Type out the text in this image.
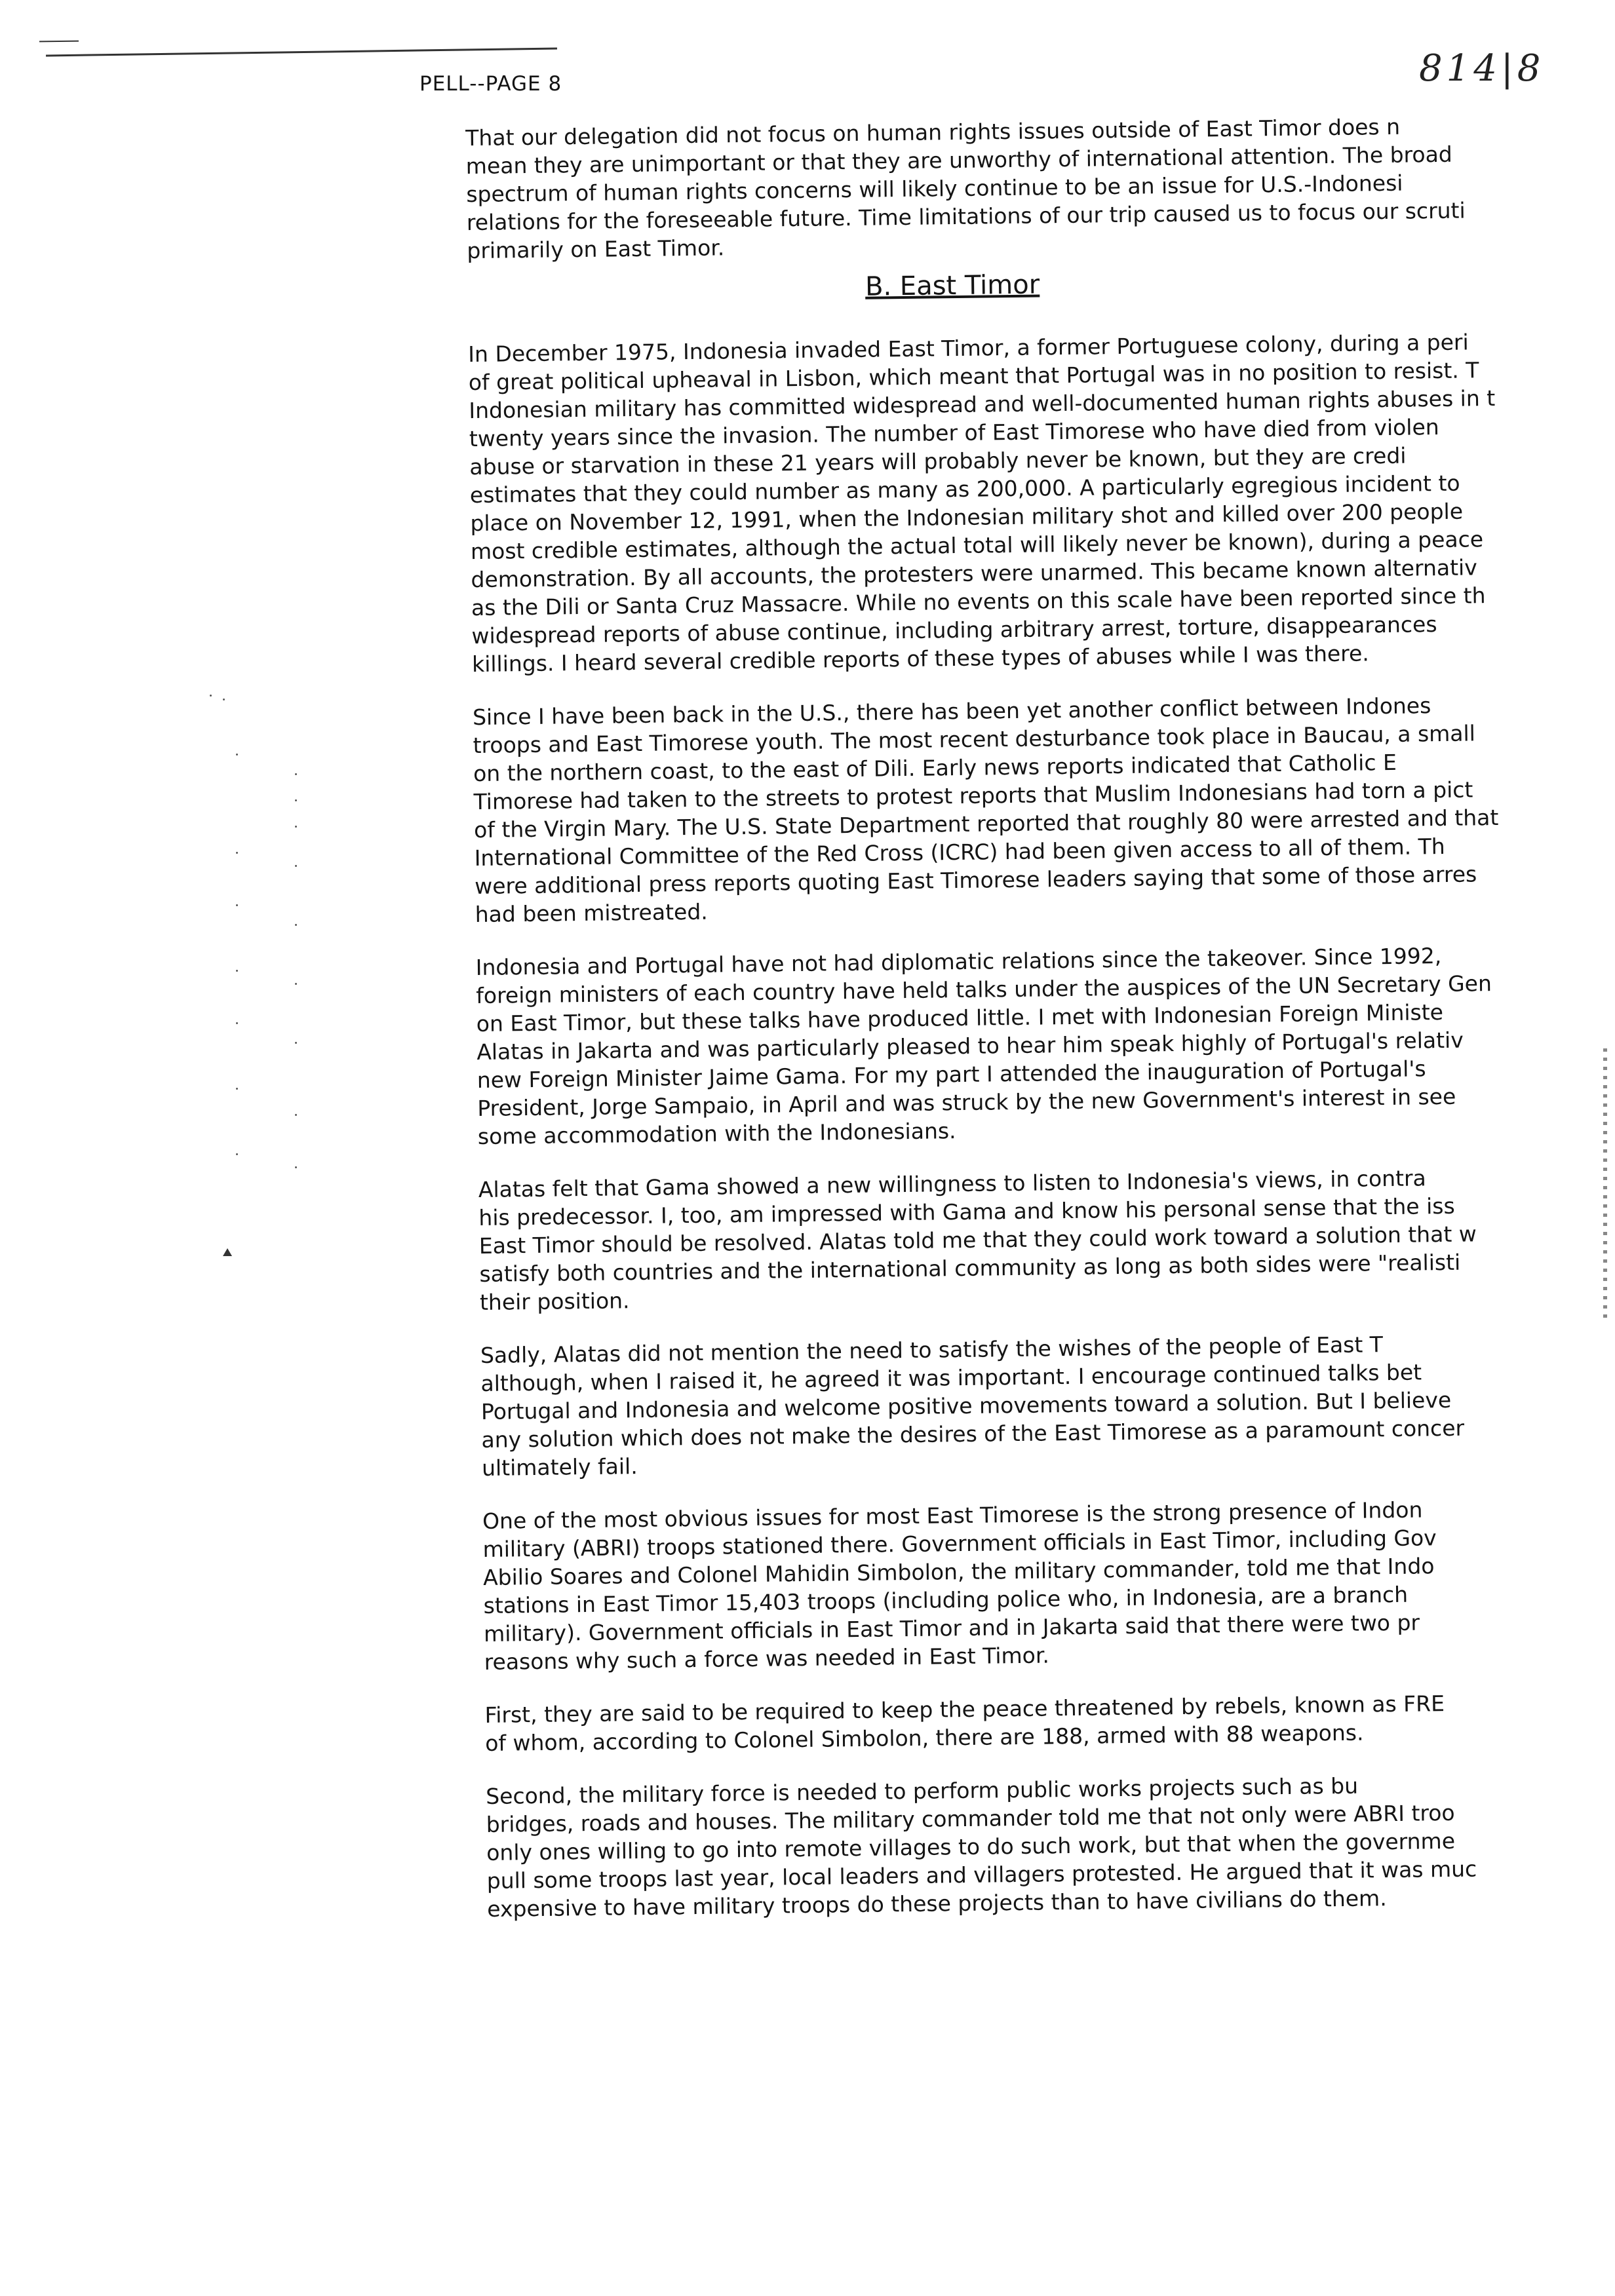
PELL--PAGE 8	814|8

That our delegation did not focus on human rights issues outside of East Timor does n
mean they are unimportant or that they are unworthy of international attention. The broad
spectrum of human rights concerns will likely continue to be an issue for U.S.-Indonesi
relations for the foreseeable future. Time limitations of our trip caused us to focus our scruti
primarily on East Timor.

B. East Timor

In December 1975, Indonesia invaded East Timor, a former Portuguese colony, during a peri
of great political upheaval in Lisbon, which meant that Portugal was in no position to resist. T
Indonesian military has committed widespread and well-documented human rights abuses in t
twenty years since the invasion. The number of East Timorese who have died from violen
abuse or starvation in these 21 years will probably never be known, but they are credi
estimates that they could number as many as 200,000. A particularly egregious incident to
place on November 12, 1991, when the Indonesian military shot and killed over 200 people
most credible estimates, although the actual total will likely never be known), during a peace
demonstration. By all accounts, the protesters were unarmed. This became known alternativ
as the Dili or Santa Cruz Massacre. While no events on this scale have been reported since th
widespread reports of abuse continue, including arbitrary arrest, torture, disappearances
killings. I heard several credible reports of these types of abuses while I was there.

Since I have been back in the U.S., there has been yet another conflict between Indones
troops and East Timorese youth. The most recent desturbance took place in Baucau, a small
on the northern coast, to the east of Dili. Early news reports indicated that Catholic E
Timorese had taken to the streets to protest reports that Muslim Indonesians had torn a pict
of the Virgin Mary. The U.S. State Department reported that roughly 80 were arrested and that
International Committee of the Red Cross (ICRC) had been given access to all of them. Th
were additional press reports quoting East Timorese leaders saying that some of those arres
had been mistreated.

Indonesia and Portugal have not had diplomatic relations since the takeover. Since 1992,
foreign ministers of each country have held talks under the auspices of the UN Secretary Gen
on East Timor, but these talks have produced little. I met with Indonesian Foreign Ministe
Alatas in Jakarta and was particularly pleased to hear him speak highly of Portugal's relativ
new Foreign Minister Jaime Gama. For my part I attended the inauguration of Portugal's
President, Jorge Sampaio, in April and was struck by the new Government's interest in see
some accommodation with the Indonesians.

Alatas felt that Gama showed a new willingness to listen to Indonesia's views, in contra
his predecessor. I, too, am impressed with Gama and know his personal sense that the iss
East Timor should be resolved. Alatas told me that they could work toward a solution that w
satisfy both countries and the international community as long as both sides were "realisti
their position.

Sadly, Alatas did not mention the need to satisfy the wishes of the people of East T
although, when I raised it, he agreed it was important. I encourage continued talks bet
Portugal and Indonesia and welcome positive movements toward a solution. But I believe
any solution which does not make the desires of the East Timorese as a paramount concer
ultimately fail.

One of the most obvious issues for most East Timorese is the strong presence of Indon
military (ABRI) troops stationed there. Government officials in East Timor, including Gov
Abilio Soares and Colonel Mahidin Simbolon, the military commander, told me that Indo
stations in East Timor 15,403 troops (including police who, in Indonesia, are a branch
military). Government officials in East Timor and in Jakarta said that there were two pr
reasons why such a force was needed in East Timor.

First, they are said to be required to keep the peace threatened by rebels, known as FRE
of whom, according to Colonel Simbolon, there are 188, armed with 88 weapons.

Second, the military force is needed to perform public works projects such as bu
bridges, roads and houses. The military commander told me that not only were ABRI troo
only ones willing to go into remote villages to do such work, but that when the governme
pull some troops last year, local leaders and villagers protested. He argued that it was muc
expensive to have military troops do these projects than to have civilians do them.
